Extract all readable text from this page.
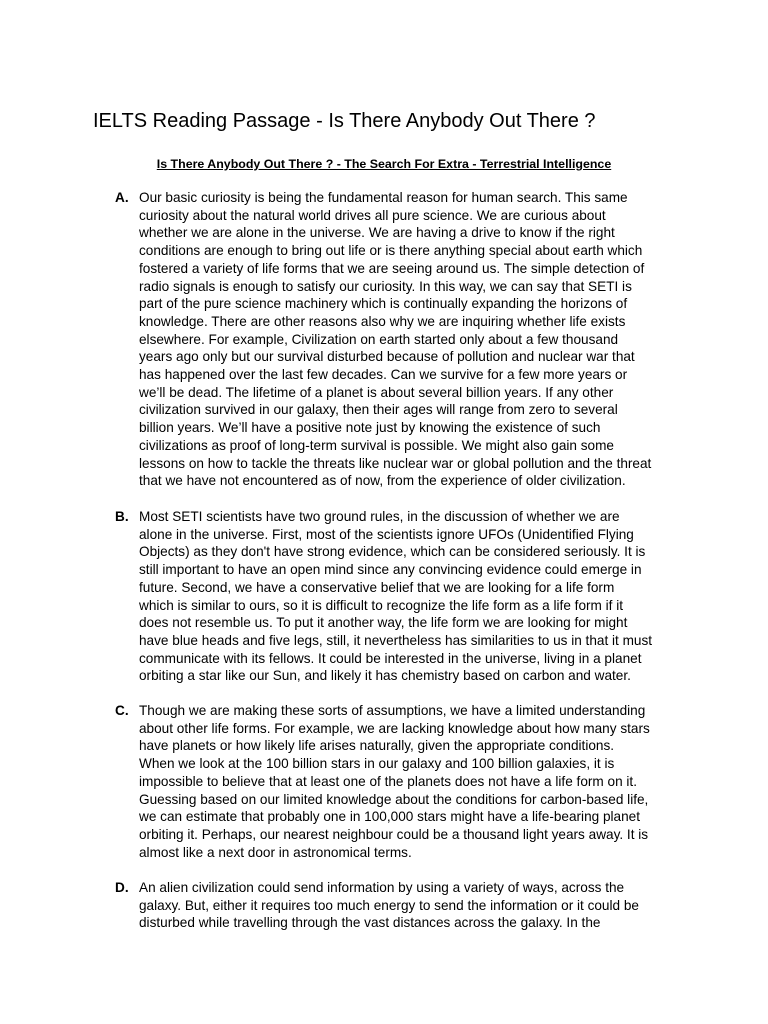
IELTS Reading Passage - Is There Anybody Out There ?

Is There Anybody Out There ? - The Search For Extra - Terrestrial Intelligence

A. Our basic curiosity is being the fundamental reason for human search. This same
curiosity about the natural world drives all pure science. We are curious about
whether we are alone in the universe. We are having a drive to know if the right
conditions are enough to bring out life or is there anything special about earth which
fostered a variety of life forms that we are seeing around us. The simple detection of
radio signals is enough to satisfy our curiosity. In this way, we can say that SETI is
part of the pure science machinery which is continually expanding the horizons of
knowledge. There are other reasons also why we are inquiring whether life exists
elsewhere. For example, Civilization on earth started only about a few thousand
years ago only but our survival disturbed because of pollution and nuclear war that
has happened over the last few decades. Can we survive for a few more years or
we’ll be dead. The lifetime of a planet is about several billion years. If any other
civilization survived in our galaxy, then their ages will range from zero to several
billion years. We’ll have a positive note just by knowing the existence of such
civilizations as proof of long-term survival is possible. We might also gain some
lessons on how to tackle the threats like nuclear war or global pollution and the threat
that we have not encountered as of now, from the experience of older civilization.
B. Most SETI scientists have two ground rules, in the discussion of whether we are
alone in the universe. First, most of the scientists ignore UFOs (Unidentified Flying
Objects) as they don't have strong evidence, which can be considered seriously. It is
still important to have an open mind since any convincing evidence could emerge in
future. Second, we have a conservative belief that we are looking for a life form
which is similar to ours, so it is difficult to recognize the life form as a life form if it
does not resemble us. To put it another way, the life form we are looking for might
have blue heads and five legs, still, it nevertheless has similarities to us in that it must
communicate with its fellows. It could be interested in the universe, living in a planet
orbiting a star like our Sun, and likely it has chemistry based on carbon and water.
C. Though we are making these sorts of assumptions, we have a limited understanding
about other life forms. For example, we are lacking knowledge about how many stars
have planets or how likely life arises naturally, given the appropriate conditions.
When we look at the 100 billion stars in our galaxy and 100 billion galaxies, it is
impossible to believe that at least one of the planets does not have a life form on it.
Guessing based on our limited knowledge about the conditions for carbon-based life,
we can estimate that probably one in 100,000 stars might have a life-bearing planet
orbiting it. Perhaps, our nearest neighbour could be a thousand light years away. It is
almost like a next door in astronomical terms.
D. An alien civilization could send information by using a variety of ways, across the
galaxy. But, either it requires too much energy to send the information or it could be
disturbed while travelling through the vast distances across the galaxy. In the
